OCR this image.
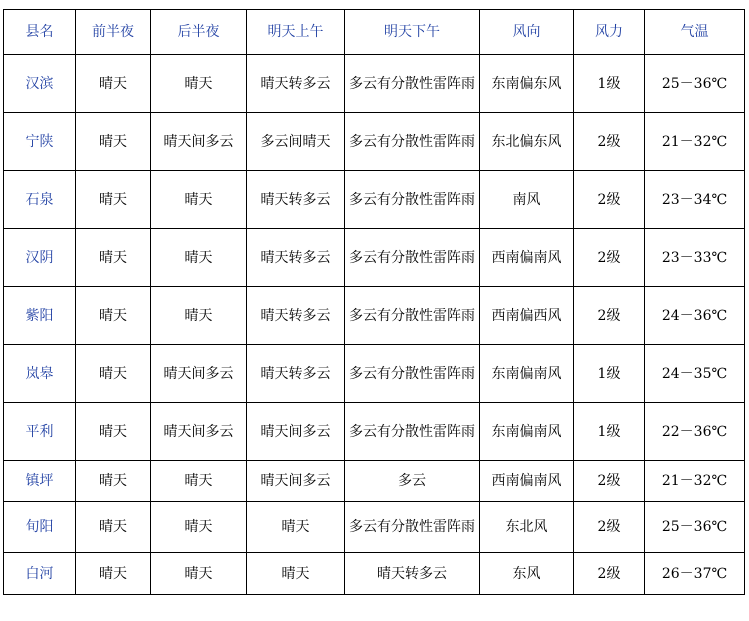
县名	前半夜	后半夜	明天上午	明天下午	风向	风力	气温
汉滨	晴天	晴天	晴天转多云	多云有分散性雷阵雨	东南偏东风	1级	25－36℃
宁陕	晴天	晴天间多云	多云间晴天	多云有分散性雷阵雨	东北偏东风	2级	21－32℃
石泉	晴天	晴天	晴天转多云	多云有分散性雷阵雨	南风	2级	23－34℃
汉阴	晴天	晴天	晴天转多云	多云有分散性雷阵雨	西南偏南风	2级	23－33℃
紫阳	晴天	晴天	晴天转多云	多云有分散性雷阵雨	西南偏西风	2级	24－36℃
岚皋	晴天	晴天间多云	晴天转多云	多云有分散性雷阵雨	东南偏南风	1级	24－35℃
平利	晴天	晴天间多云	晴天间多云	多云有分散性雷阵雨	东南偏南风	1级	22－36℃
镇坪	晴天	晴天	晴天间多云	多云	西南偏南风	2级	21－32℃
旬阳	晴天	晴天	晴天	多云有分散性雷阵雨	东北风	2级	25－36℃
白河	晴天	晴天	晴天	晴天转多云	东风	2级	26－37℃
